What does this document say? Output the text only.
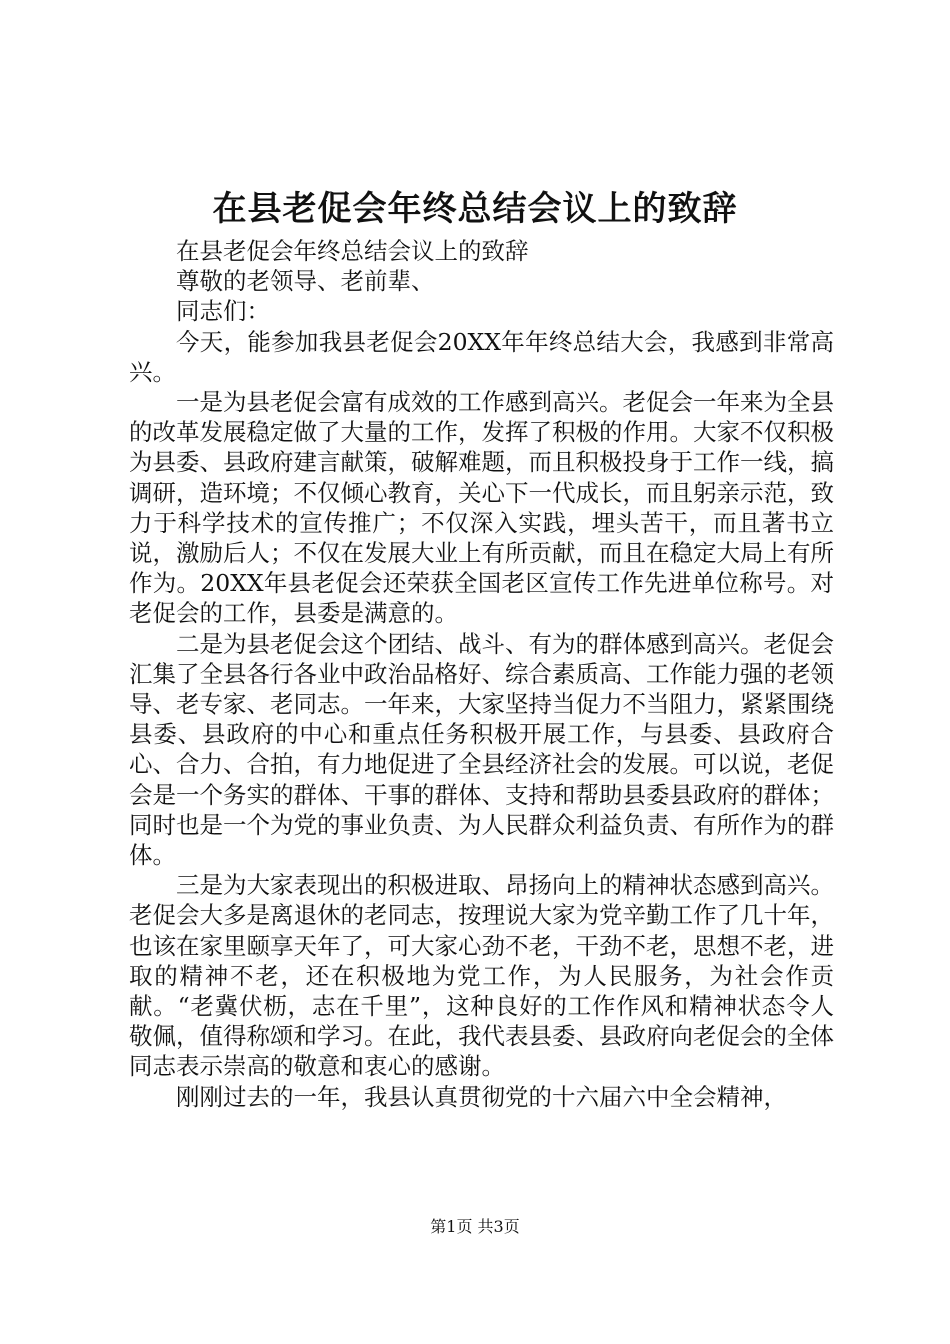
在县老促会年终总结会议上的致辞

在县老促会年终总结会议上的致辞

尊敬的老领导、老前辈、

同志们：

今天，能参加我县老促会20XX年年终总结大会，我感到非常高兴。

一是为县老促会富有成效的工作感到高兴。老促会一年来为全县的改革发展稳定做了大量的工作，发挥了积极的作用。大家不仅积极为县委、县政府建言献策，破解难题，而且积极投身于工作一线，搞调研，造环境；不仅倾心教育，关心下一代成长，而且躬亲示范，致力于科学技术的宣传推广；不仅深入实践，埋头苦干，而且著书立说，激励后人；不仅在发展大业上有所贡献，而且在稳定大局上有所作为。20XX年县老促会还荣获全国老区宣传工作先进单位称号。对老促会的工作，县委是满意的。

二是为县老促会这个团结、战斗、有为的群体感到高兴。老促会汇集了全县各行各业中政治品格好、综合素质高、工作能力强的老领导、老专家、老同志。一年来，大家坚持当促力不当阻力，紧紧围绕县委、县政府的中心和重点任务积极开展工作，与县委、县政府合心、合力、合拍，有力地促进了全县经济社会的发展。可以说，老促会是一个务实的群体、干事的群体、支持和帮助县委县政府的群体；同时也是一个为党的事业负责、为人民群众利益负责、有所作为的群体。

三是为大家表现出的积极进取、昂扬向上的精神状态感到高兴。老促会大多是离退休的老同志，按理说大家为党辛勤工作了几十年，也该在家里颐享天年了，可大家心劲不老，干劲不老，思想不老，进取的精神不老，还在积极地为党工作，为人民服务，为社会作贡献。“老冀伏枥，志在千里”，这种良好的工作作风和精神状态令人敬佩，值得称颂和学习。在此，我代表县委、县政府向老促会的全体同志表示崇高的敬意和衷心的感谢。

刚刚过去的一年，我县认真贯彻党的十六届六中全会精神，

第1页 共3页
